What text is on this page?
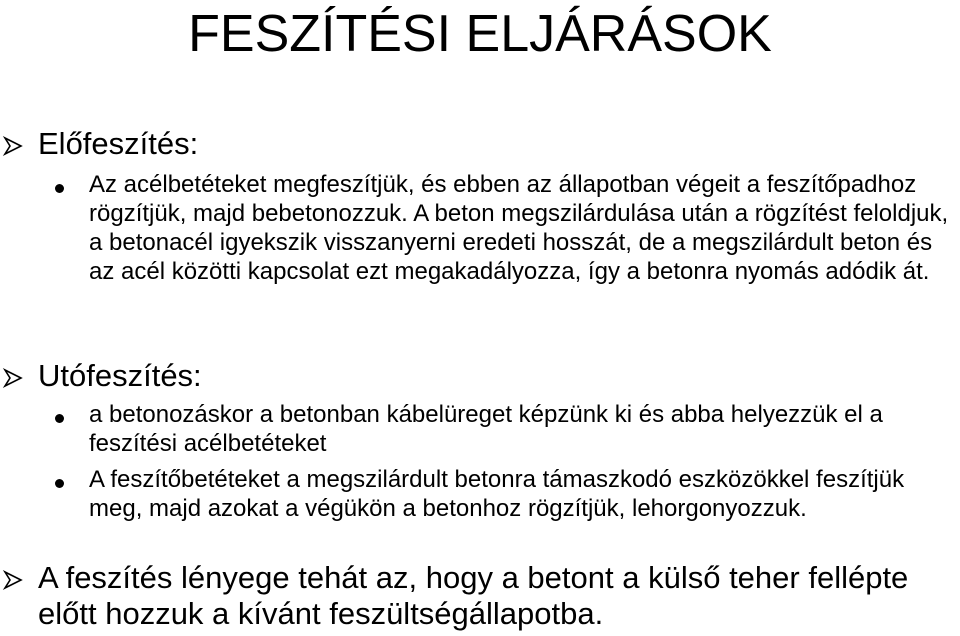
FESZÍTÉSI ELJÁRÁSOK
Előfeszítés:
Az acélbetéteket megfeszítjük, és ebben az állapotban végeit a feszítőpadhoz rögzítjük, majd bebetonozzuk. A beton megszilárdulása után a rögzítést feloldjuk, a betonacél igyekszik visszanyerni eredeti hosszát, de a megszilárdult beton és az acél közötti kapcsolat ezt megakadályozza, így a betonra nyomás adódik át.
Utófeszítés:
a betonozáskor a betonban kábelüreget képzünk ki és abba helyezzük el a feszítési acélbetéteket
A feszítőbetéteket a megszilárdult betonra támaszkodó eszközökkel feszítjük meg, majd azokat a végükön a betonhoz rögzítjük, lehorgonyozzuk.
A feszítés lényege tehát az, hogy a betont a külső teher fellépte előtt hozzuk a kívánt feszültségállapotba.
